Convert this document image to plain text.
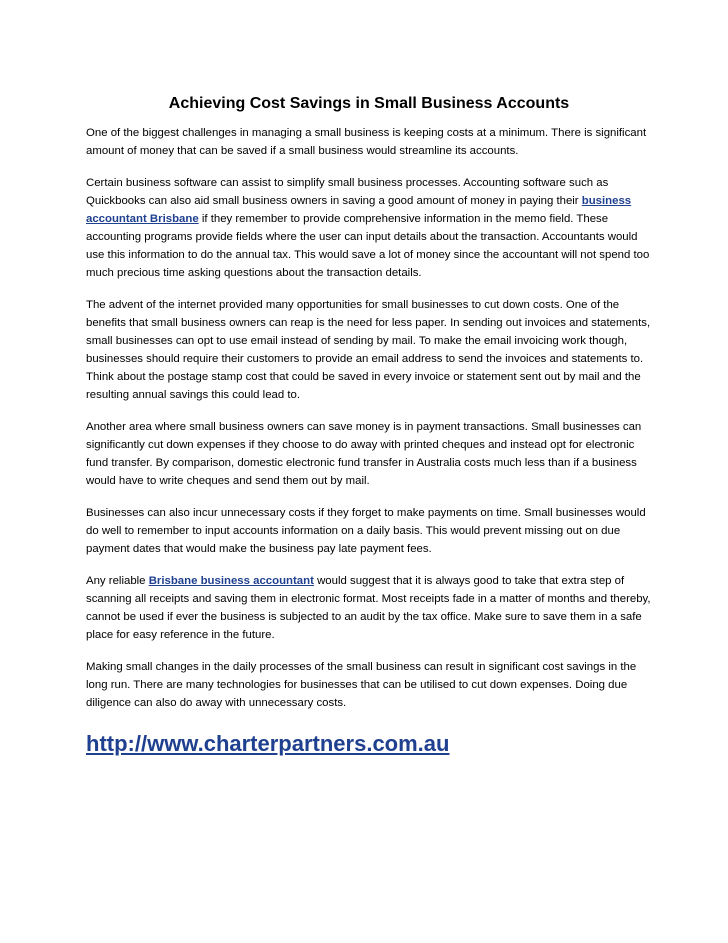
Achieving Cost Savings in Small Business Accounts

One of the biggest challenges in managing a small business is keeping costs at a minimum. There is significant amount of money that can be saved if a small business would streamline its accounts.

Certain business software can assist to simplify small business processes. Accounting software such as Quickbooks can also aid small business owners in saving a good amount of money in paying their business accountant Brisbane if they remember to provide comprehensive information in the memo field. These accounting programs provide fields where the user can input details about the transaction. Accountants would use this information to do the annual tax. This would save a lot of money since the accountant will not spend too much precious time asking questions about the transaction details.

The advent of the internet provided many opportunities for small businesses to cut down costs. One of the benefits that small business owners can reap is the need for less paper. In sending out invoices and statements, small businesses can opt to use email instead of sending by mail. To make the email invoicing work though, businesses should require their customers to provide an email address to send the invoices and statements to. Think about the postage stamp cost that could be saved in every invoice or statement sent out by mail and the resulting annual savings this could lead to.

Another area where small business owners can save money is in payment transactions. Small businesses can significantly cut down expenses if they choose to do away with printed cheques and instead opt for electronic fund transfer. By comparison, domestic electronic fund transfer in Australia costs much less than if a business would have to write cheques and send them out by mail.

Businesses can also incur unnecessary costs if they forget to make payments on time. Small businesses would do well to remember to input accounts information on a daily basis. This would prevent missing out on due payment dates that would make the business pay late payment fees.

Any reliable Brisbane business accountant would suggest that it is always good to take that extra step of scanning all receipts and saving them in electronic format. Most receipts fade in a matter of months and thereby, cannot be used if ever the business is subjected to an audit by the tax office. Make sure to save them in a safe place for easy reference in the future.

Making small changes in the daily processes of the small business can result in significant cost savings in the long run. There are many technologies for businesses that can be utilised to cut down expenses. Doing due diligence can also do away with unnecessary costs.

http://www.charterpartners.com.au
